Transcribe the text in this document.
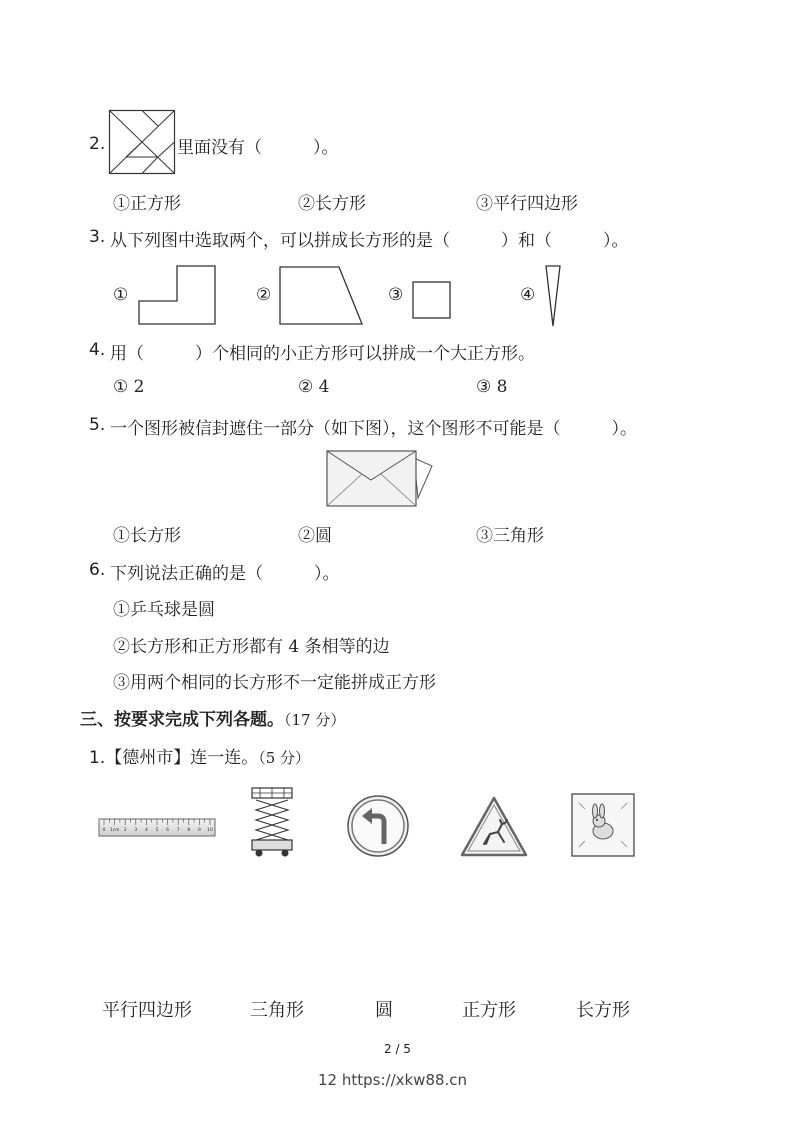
2.	里面没有（　　　）。
①正方形	②长方形	③平行四边形
3. 从下列图中选取两个，可以拼成长方形的是（　　　）和（　　　）。
①	②	③	④
4. 用（　　　）个相同的小正方形可以拼成一个大正方形。
① 2	② 4	③ 8
5. 一个图形被信封遮住一部分（如下图），这个图形不可能是（　　　）。
①长方形	②圆	③三角形
6. 下列说法正确的是（　　　）。
①乒乓球是圆
②长方形和正方形都有 4 条相等的边
③用两个相同的长方形不一定能拼成正方形
三、按要求完成下列各题。（17 分）
1.【德州市】连一连。（5 分）
0 1cm 2 3 4 5 6 7 8 9 10
平行四边形	三角形	圆	正方形	长方形
2 / 5
12 https://xkw88.cn
